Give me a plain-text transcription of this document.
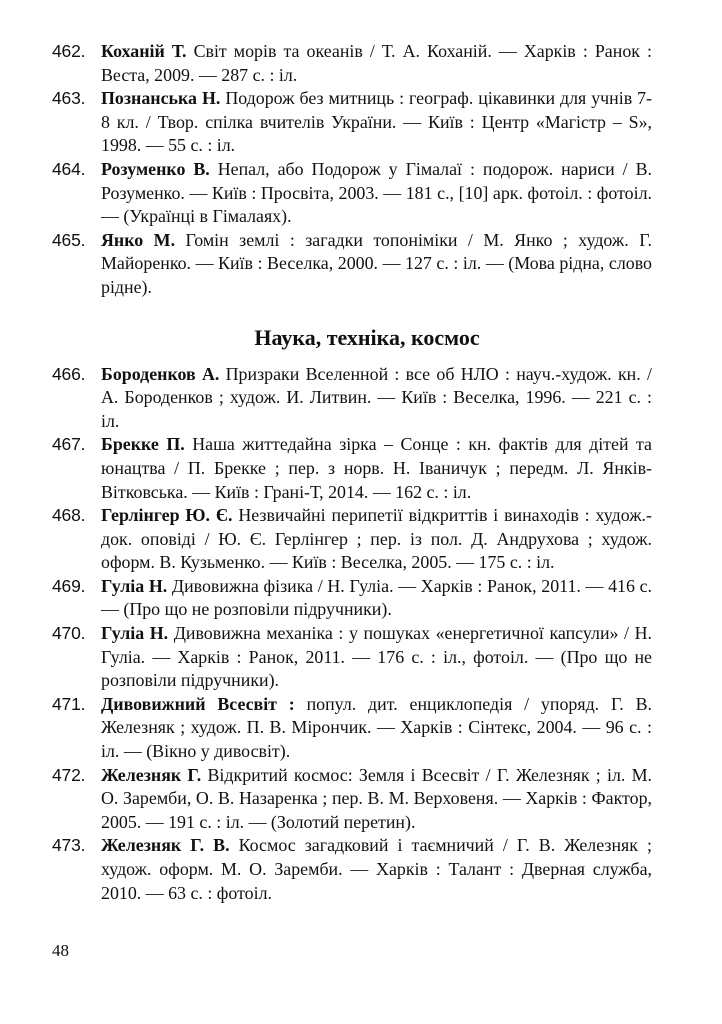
462. Коханій Т. Світ морів та океанів / Т. А. Коханій. — Харків : Ранок : Веста, 2009. — 287 с. : іл.
463. Познанська Н. Подорож без митниць : географ. цікавинки для учнів 7-8 кл. / Твор. спілка вчителів України. — Київ : Центр «Магістр – S», 1998. — 55 с. : іл.
464. Розуменко В. Непал, або Подорож у Гімалаї : подорож. нариси / В. Розуменко. — Київ : Просвіта, 2003. — 181 с., [10] арк. фотоіл. : фотоіл. — (Українці в Гімалаях).
465. Янко М. Гомін землі : загадки топоніміки / М. Янко ; худож. Г. Майоренко. — Київ : Веселка, 2000. — 127 с. : іл. — (Мова рідна, слово рідне).
Наука, техніка, космос
466. Бороденков А. Призраки Вселенной : все об НЛО : науч.-худож. кн. / А. Бороденков ; худож. И. Литвин. — Київ : Веселка, 1996. — 221 с. : іл.
467. Брекке П. Наша життедайна зірка – Сонце : кн. фактів для дітей та юнацтва / П. Брекке ; пер. з норв. Н. Іваничук ; передм. Л. Янків-Вітковська. — Київ : Грані-Т, 2014. — 162 с. : іл.
468. Герлінгер Ю. Є. Незвичайні перипетії відкриттів і винаходів : худож.-док. оповіді / Ю. Є. Герлінгер ; пер. із пол. Д. Андрухова ; худож. оформ. В. Кузьменко. — Київ : Веселка, 2005. — 175 с. : іл.
469. Гуліа Н. Дивовижна фізика / Н. Гуліа. — Харків : Ранок, 2011. — 416 с. — (Про що не розповіли підручники).
470. Гуліа Н. Дивовижна механіка : у пошуках «енергетичної капсули» / Н. Гуліа. — Харків : Ранок, 2011. — 176 с. : іл., фотоіл. — (Про що не розповіли підручники).
471. Дивовижний Всесвіт : попул. дит. енциклопедія / упоряд. Г. В. Железняк ; худож. П. В. Мірончик. — Харків : Сінтекс, 2004. — 96 с. : іл. — (Вікно у дивосвіт).
472. Железняк Г. Відкритий космос: Земля і Всесвіт / Г. Железняк ; іл. М. О. Заремби, О. В. Назаренка ; пер. В. М. Верховеня. — Харків : Фактор, 2005. — 191 с. : іл. — (Золотий перетин).
473. Железняк Г. В. Космос загадковий і таємничий / Г. В. Железняк ; худож. оформ. М. О. Заремби. — Харків : Талант : Дверная служба, 2010. — 63 с. : фотоіл.
48
